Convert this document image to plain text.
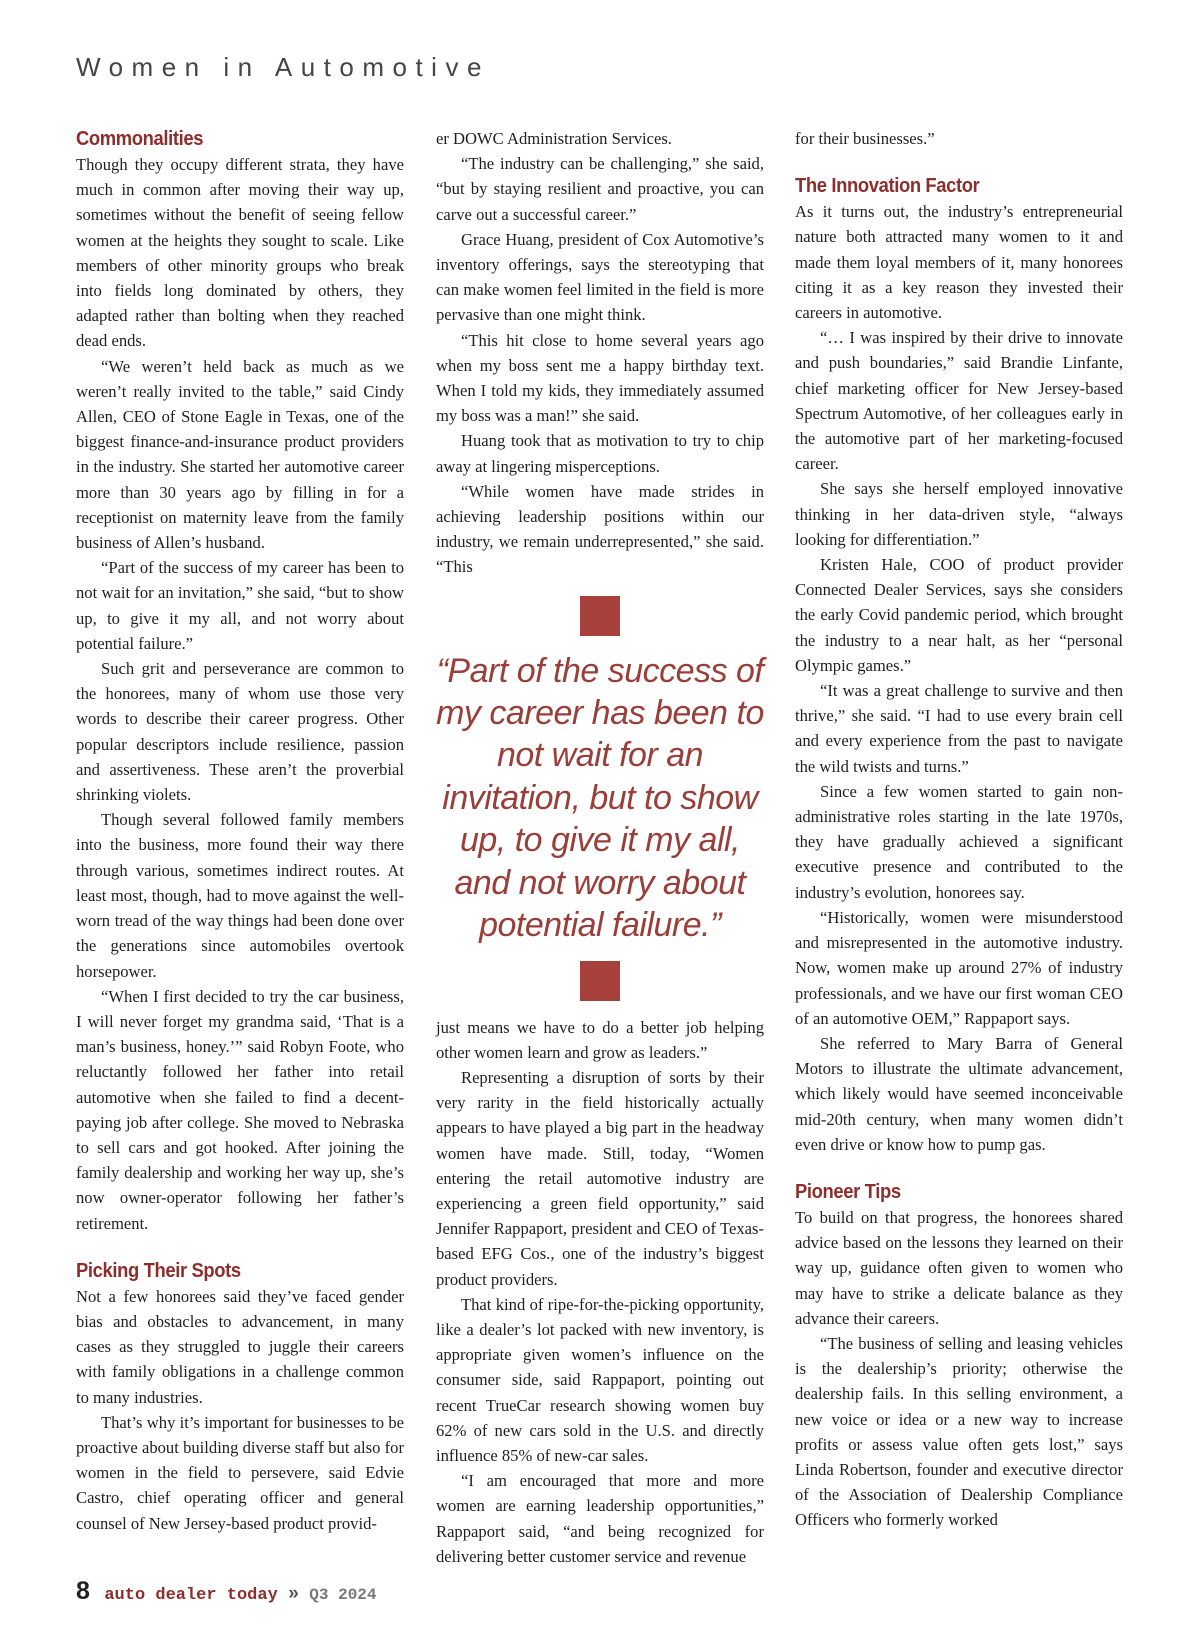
Women in Automotive
Commonalities

Though they occupy different strata, they have much in common after moving their way up, sometimes without the benefit of seeing fellow women at the heights they sought to scale. Like members of other minority groups who break into fields long dominated by others, they adapted rather than bolting when they reached dead ends.

“We weren’t held back as much as we weren’t really invited to the table,” said Cindy Allen, CEO of Stone Eagle in Texas, one of the biggest finance-and-insurance product providers in the industry. She started her automotive career more than 30 years ago by filling in for a receptionist on maternity leave from the family business of Allen’s husband.

“Part of the success of my career has been to not wait for an invitation,” she said, “but to show up, to give it my all, and not worry about potential failure.”

Such grit and perseverance are common to the honorees, many of whom use those very words to describe their career progress. Other popular descriptors include resilience, passion and assertiveness. These aren’t the proverbial shrinking violets.

Though several followed family members into the business, more found their way there through various, sometimes indirect routes. At least most, though, had to move against the well-worn tread of the way things had been done over the generations since automobiles overtook horsepower.

“When I first decided to try the car business, I will never forget my grandma said, ‘That is a man’s business, honey.’” said Robyn Foote, who reluctantly followed her father into retail automotive when she failed to find a decent-paying job after college. She moved to Nebraska to sell cars and got hooked. After joining the family dealership and working her way up, she’s now owner-operator following her father’s retirement.

Picking Their Spots

Not a few honorees said they’ve faced gender bias and obstacles to advancement, in many cases as they struggled to juggle their careers with family obligations in a challenge common to many industries.

That’s why it’s important for businesses to be proactive about building diverse staff but also for women in the field to persevere, said Edvie Castro, chief operating officer and general counsel of New Jersey-based product provid-

er DOWC Administration Services.

“The industry can be challenging,” she said, “but by staying resilient and proactive, you can carve out a successful career.”

Grace Huang, president of Cox Automotive’s inventory offerings, says the stereotyping that can make women feel limited in the field is more pervasive than one might think.

“This hit close to home several years ago when my boss sent me a happy birthday text. When I told my kids, they immediately assumed my boss was a man!” she said.

Huang took that as motivation to try to chip away at lingering misperceptions.

“While women have made strides in achieving leadership positions within our industry, we remain underrepresented,” she said. “This

“Part of the success of my career has been to not wait for an invitation, but to show up, to give it my all, and not worry about potential failure.”

just means we have to do a better job helping other women learn and grow as leaders.”

Representing a disruption of sorts by their very rarity in the field historically actually appears to have played a big part in the headway women have made. Still, today, “Women entering the retail automotive industry are experiencing a green field opportunity,” said Jennifer Rappaport, president and CEO of Texas-based EFG Cos., one of the industry’s biggest product providers.

That kind of ripe-for-the-picking opportunity, like a dealer’s lot packed with new inventory, is appropriate given women’s influence on the consumer side, said Rappaport, pointing out recent TrueCar research showing women buy 62% of new cars sold in the U.S. and directly influence 85% of new-car sales.

“I am encouraged that more and more women are earning leadership opportunities,” Rappaport said, “and being recognized for delivering better customer service and revenue

for their businesses.”

The Innovation Factor

As it turns out, the industry’s entrepreneurial nature both attracted many women to it and made them loyal members of it, many honorees citing it as a key reason they invested their careers in automotive.

“… I was inspired by their drive to innovate and push boundaries,” said Brandie Linfante, chief marketing officer for New Jersey-based Spectrum Automotive, of her colleagues early in the automotive part of her marketing-focused career.

She says she herself employed innovative thinking in her data-driven style, “always looking for differentiation.”

Kristen Hale, COO of product provider Connected Dealer Services, says she considers the early Covid pandemic period, which brought the industry to a near halt, as her “personal Olympic games.”

“It was a great challenge to survive and then thrive,” she said. “I had to use every brain cell and every experience from the past to navigate the wild twists and turns.”

Since a few women started to gain non-administrative roles starting in the late 1970s, they have gradually achieved a significant executive presence and contributed to the industry’s evolution, honorees say.

“Historically, women were misunderstood and misrepresented in the automotive industry. Now, women make up around 27% of industry professionals, and we have our first woman CEO of an automotive OEM,” Rappaport says.

She referred to Mary Barra of General Motors to illustrate the ultimate advancement, which likely would have seemed inconceivable mid-20th century, when many women didn’t even drive or know how to pump gas.

Pioneer Tips

To build on that progress, the honorees shared advice based on the lessons they learned on their way up, guidance often given to women who may have to strike a delicate balance as they advance their careers.

“The business of selling and leasing vehicles is the dealership’s priority; otherwise the dealership fails. In this selling environment, a new voice or idea or a new way to increase profits or assess value often gets lost,” says Linda Robertson, founder and executive director of the Association of Dealership Compliance Officers who formerly worked

8 auto dealer today » Q3 2024
